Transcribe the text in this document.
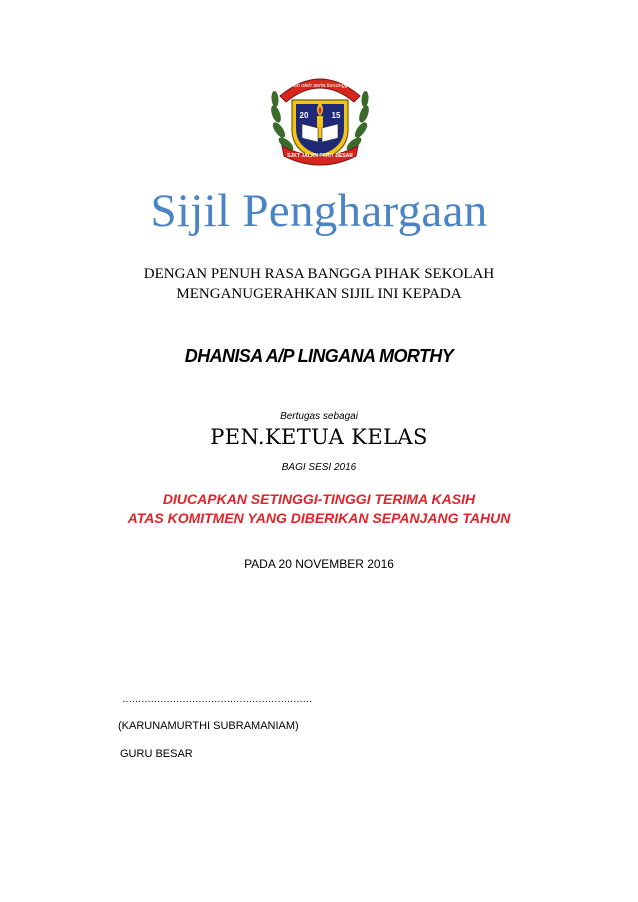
gerakan oleh serta kesungguhan
20	15
SJKT JALAN PARIT BESAR
Sijil Penghargaan
DENGAN PENUH RASA BANGGA PIHAK SEKOLAH
MENGANUGERAHKAN SIJIL INI KEPADA
DHANISA A/P LINGANA MORTHY
Bertugas sebagai
PEN.KETUA KELAS
BAGI SESI 2016
DIUCAPKAN SETINGGI-TINGGI TERIMA KASIH
ATAS KOMITMEN YANG DIBERIKAN SEPANJANG TAHUN
PADA 20 NOVEMBER 2016
……………………………………………………
(KARUNAMURTHI SUBRAMANIAM)
GURU BESAR
